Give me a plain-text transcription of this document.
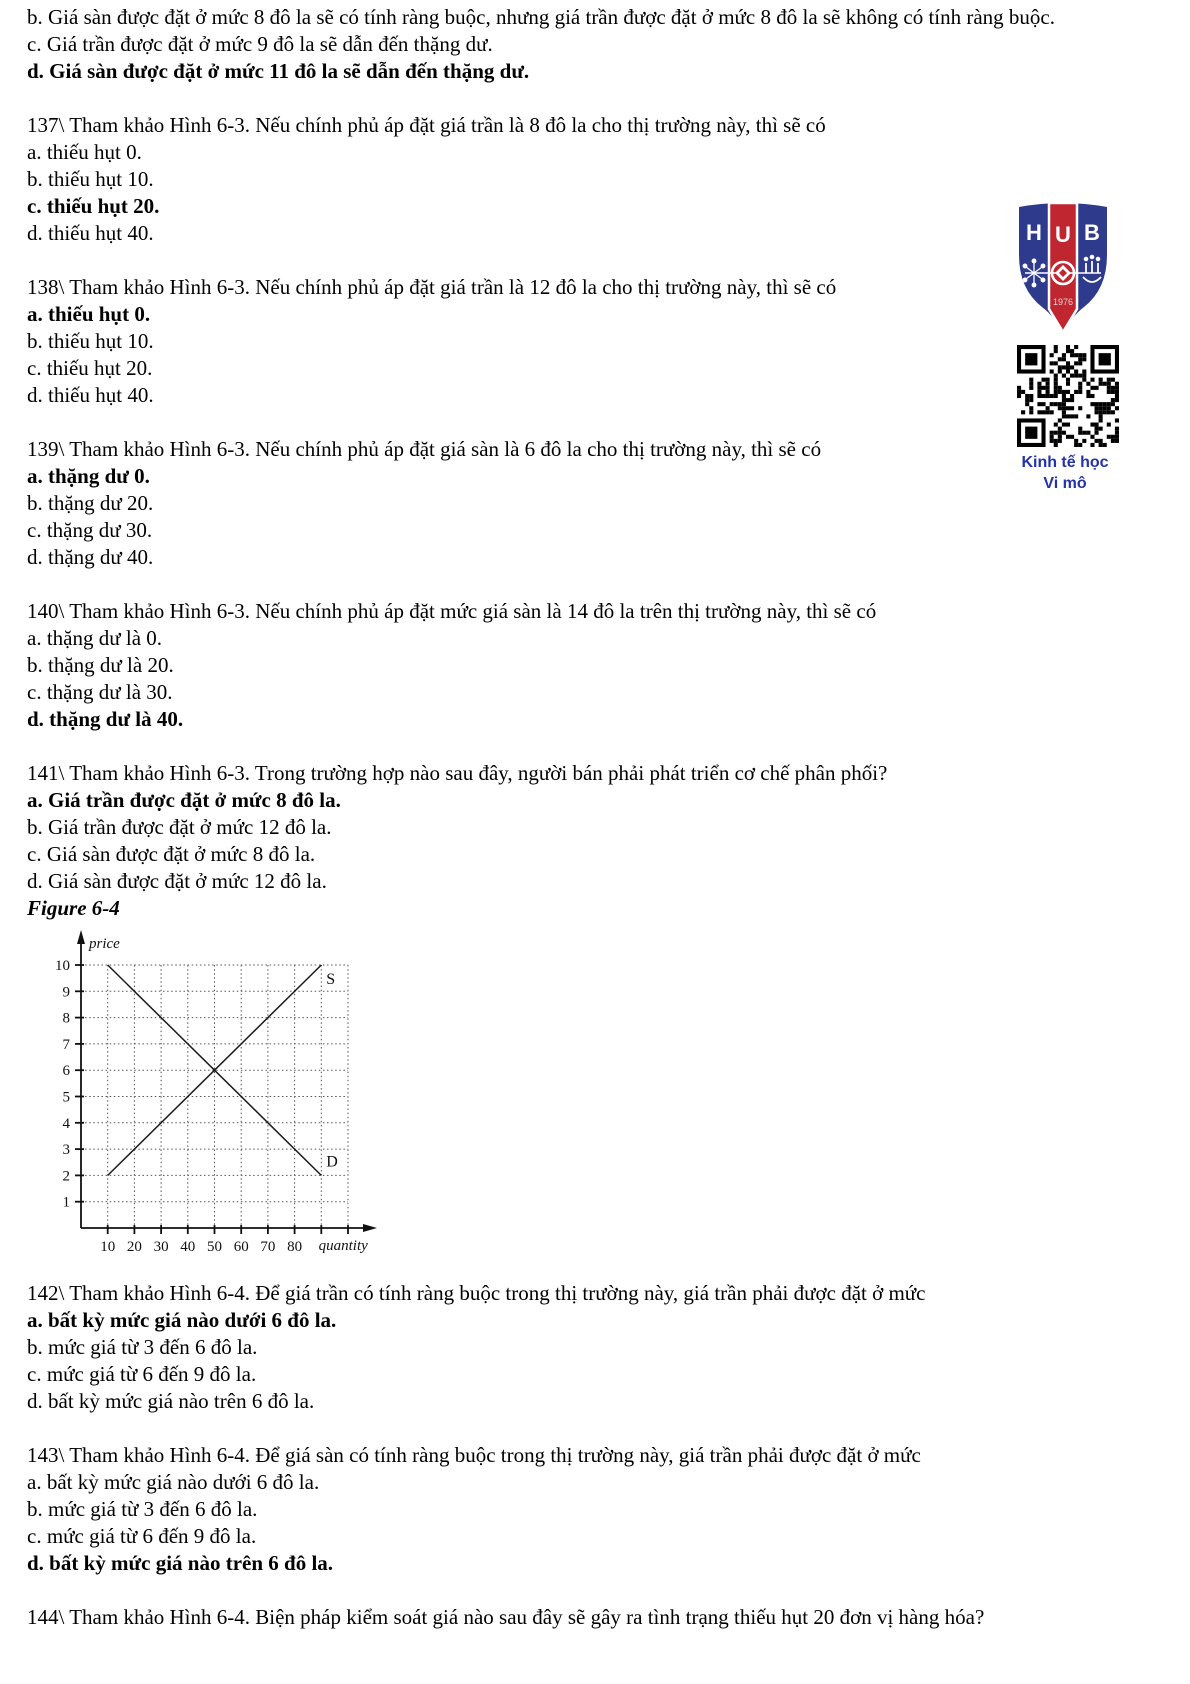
b. Giá sàn được đặt ở mức 8 đô la sẽ có tính ràng buộc, nhưng giá trần được đặt ở mức 8 đô la sẽ không có tính ràng buộc.

c. Giá trần được đặt ở mức 9 đô la sẽ dẫn đến thặng dư.

d. Giá sàn được đặt ở mức 11 đô la sẽ dẫn đến thặng dư.

137\ Tham khảo Hình 6-3. Nếu chính phủ áp đặt giá trần là 8 đô la cho thị trường này, thì sẽ có

a. thiếu hụt 0.

b. thiếu hụt 10.

c. thiếu hụt 20.

d. thiếu hụt 40.

138\ Tham khảo Hình 6-3. Nếu chính phủ áp đặt giá trần là 12 đô la cho thị trường này, thì sẽ có

a. thiếu hụt 0.

b. thiếu hụt 10.

c. thiếu hụt 20.

d. thiếu hụt 40.

139\ Tham khảo Hình 6-3. Nếu chính phủ áp đặt giá sàn là 6 đô la cho thị trường này, thì sẽ có

a. thặng dư 0.

b. thặng dư 20.

c. thặng dư 30.

d. thặng dư 40.

140\ Tham khảo Hình 6-3. Nếu chính phủ áp đặt mức giá sàn là 14 đô la trên thị trường này, thì sẽ có

a. thặng dư là 0.

b. thặng dư là 20.

c. thặng dư là 30.

d. thặng dư là 40.

141\ Tham khảo Hình 6-3. Trong trường hợp nào sau đây, người bán phải phát triển cơ chế phân phối?

a. Giá trần được đặt ở mức 8 đô la.

b. Giá trần được đặt ở mức 12 đô la.

c. Giá sàn được đặt ở mức 8 đô la.

d. Giá sàn được đặt ở mức 12 đô la.

Figure 6-4

1
2
3
4
5
6
7
8
9
10
10 20 30 40 50 60 70 80
price
quantity
D
S

142\ Tham khảo Hình 6-4. Để giá trần có tính ràng buộc trong thị trường này, giá trần phải được đặt ở mức

a. bất kỳ mức giá nào dưới 6 đô la.

b. mức giá từ 3 đến 6 đô la.

c. mức giá từ 6 đến 9 đô la.

d. bất kỳ mức giá nào trên 6 đô la.

143\ Tham khảo Hình 6-4. Để giá sàn có tính ràng buộc trong thị trường này, giá trần phải được đặt ở mức

a. bất kỳ mức giá nào dưới 6 đô la.

b. mức giá từ 3 đến 6 đô la.

c. mức giá từ 6 đến 9 đô la.

d. bất kỳ mức giá nào trên 6 đô la.

144\ Tham khảo Hình 6-4. Biện pháp kiểm soát giá nào sau đây sẽ gây ra tình trạng thiếu hụt 20 đơn vị hàng hóa?

H U B
1976
Kinh tế học
Vi mô
